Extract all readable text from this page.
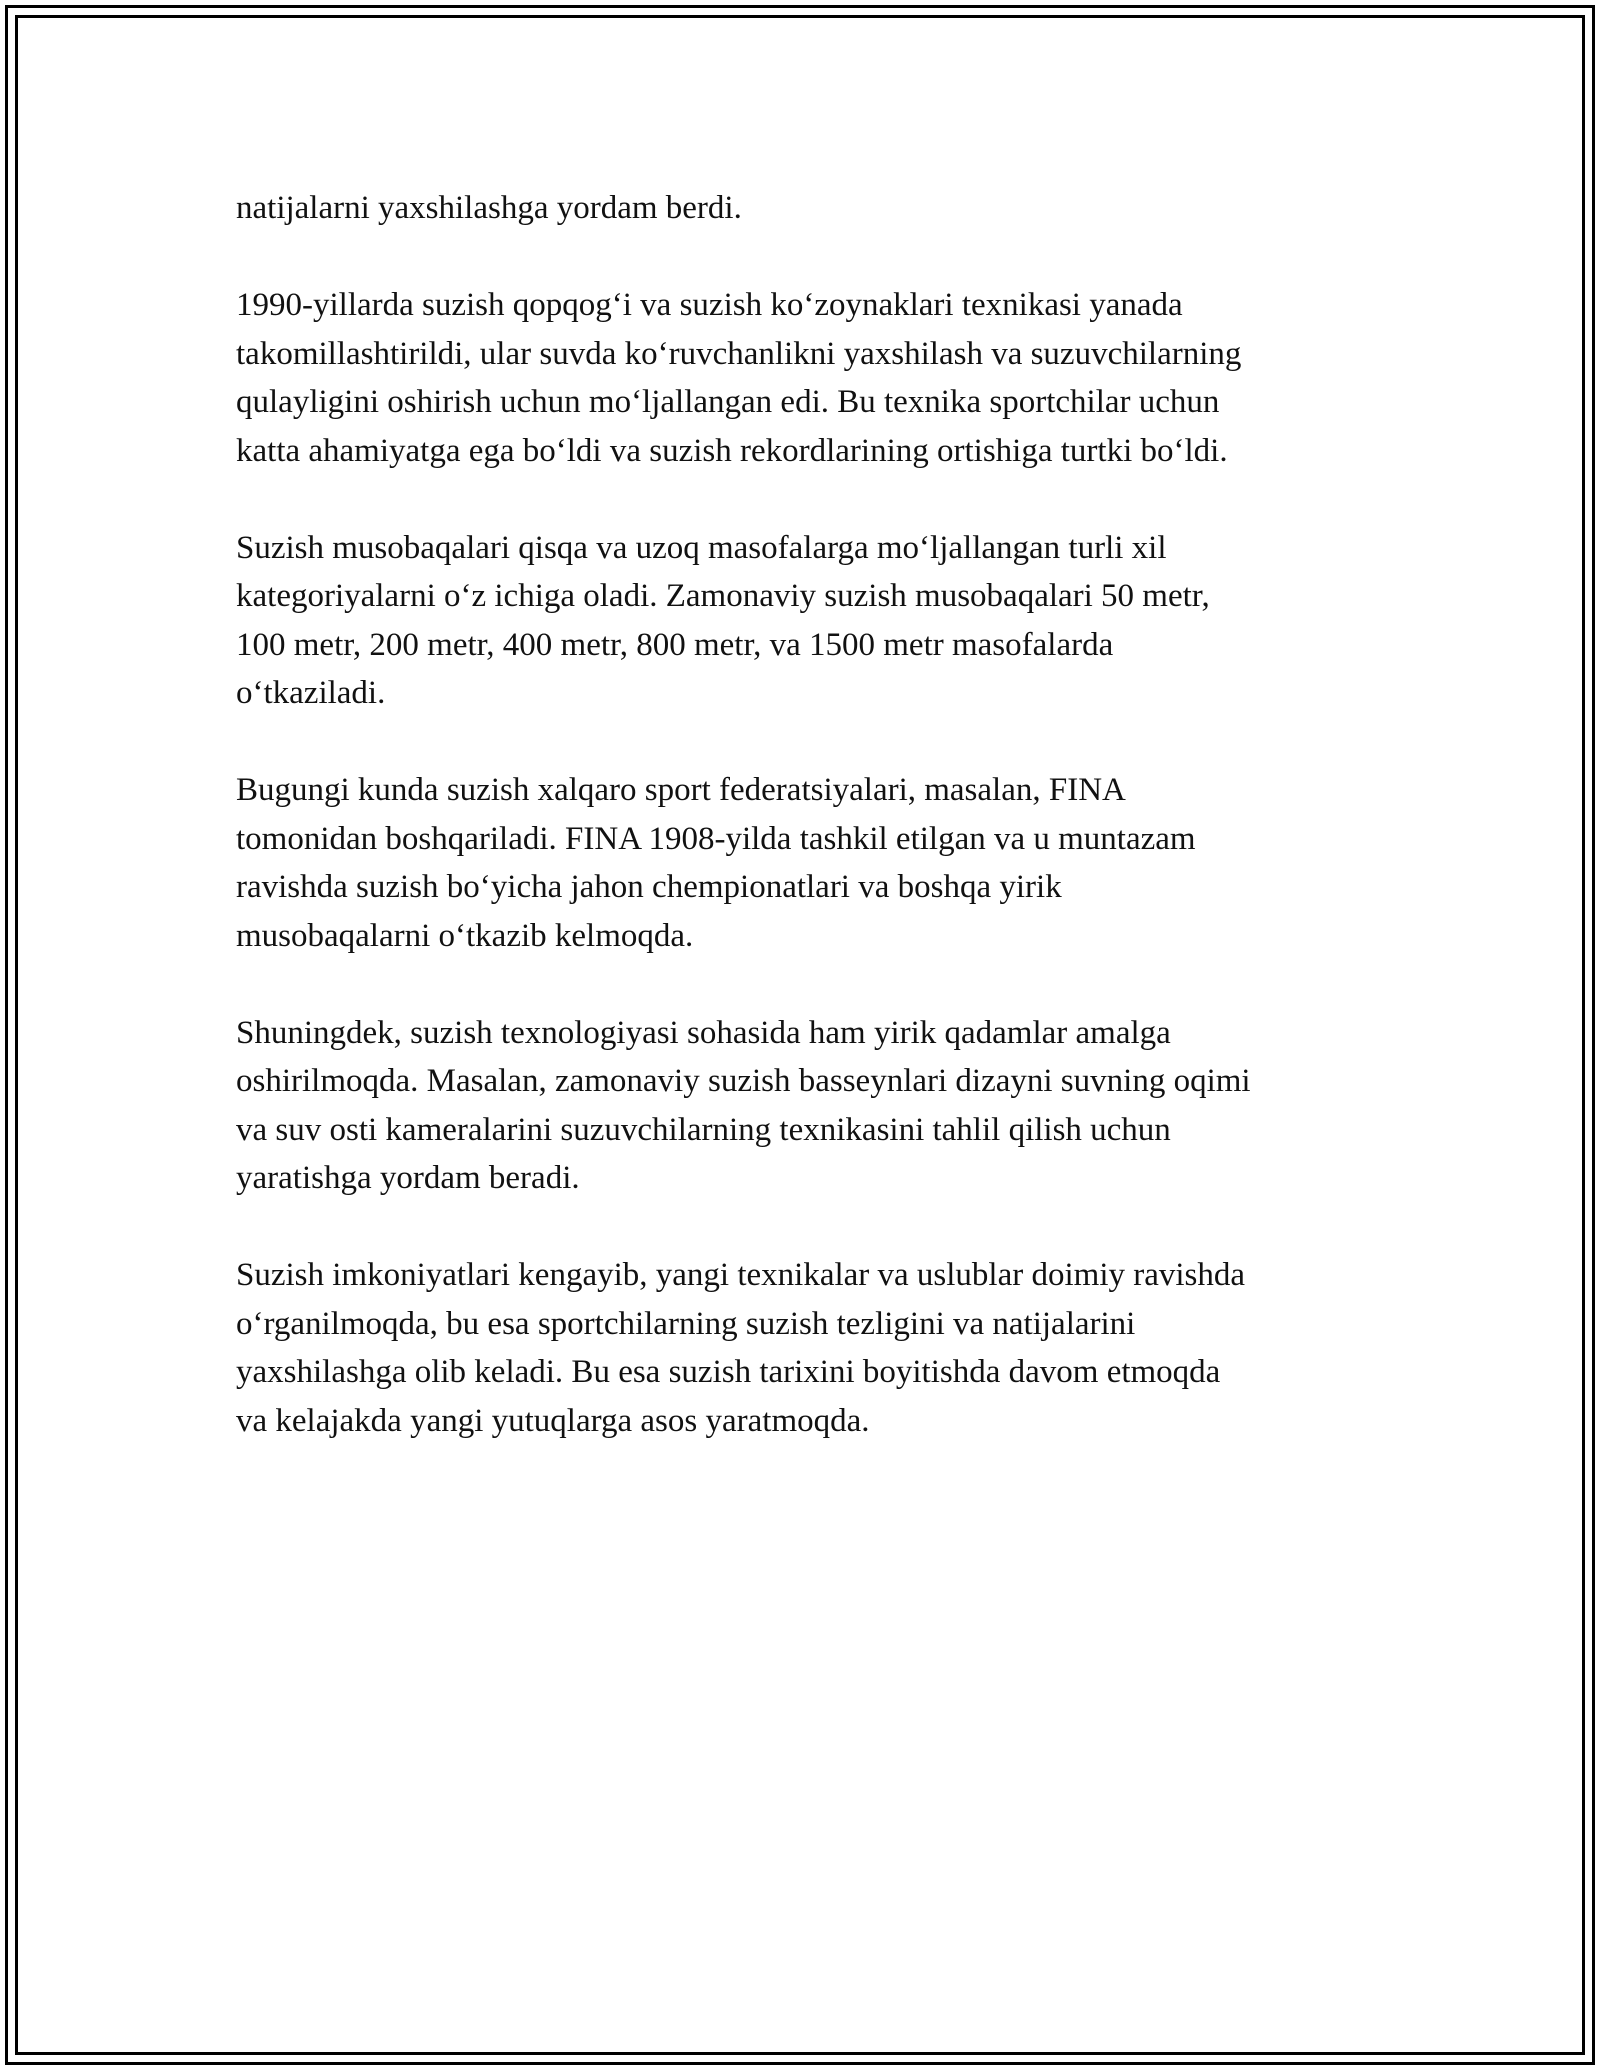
natijalarni yaxshilashga yordam berdi.

1990-yillarda suzish qopqog‘i va suzish ko‘zoynaklari texnikasi yanada
takomillashtirildi, ular suvda ko‘ruvchanlikni yaxshilash va suzuvchilarning
qulayligini oshirish uchun mo‘ljallangan edi. Bu texnika sportchilar uchun
katta ahamiyatga ega bo‘ldi va suzish rekordlarining ortishiga turtki bo‘ldi.

Suzish musobaqalari qisqa va uzoq masofalarga mo‘ljallangan turli xil
kategoriyalarni o‘z ichiga oladi. Zamonaviy suzish musobaqalari 50 metr,
100 metr, 200 metr, 400 metr, 800 metr, va 1500 metr masofalarda
o‘tkaziladi.

Bugungi kunda suzish xalqaro sport federatsiyalari, masalan, FINA
tomonidan boshqariladi. FINA 1908-yilda tashkil etilgan va u muntazam
ravishda suzish bo‘yicha jahon chempionatlari va boshqa yirik
musobaqalarni o‘tkazib kelmoqda.

Shuningdek, suzish texnologiyasi sohasida ham yirik qadamlar amalga
oshirilmoqda. Masalan, zamonaviy suzish basseynlari dizayni suvning oqimi
va suv osti kameralarini suzuvchilarning texnikasini tahlil qilish uchun
yaratishga yordam beradi.

Suzish imkoniyatlari kengayib, yangi texnikalar va uslublar doimiy ravishda
o‘rganilmoqda, bu esa sportchilarning suzish tezligini va natijalarini
yaxshilashga olib keladi. Bu esa suzish tarixini boyitishda davom etmoqda
va kelajakda yangi yutuqlarga asos yaratmoqda.
